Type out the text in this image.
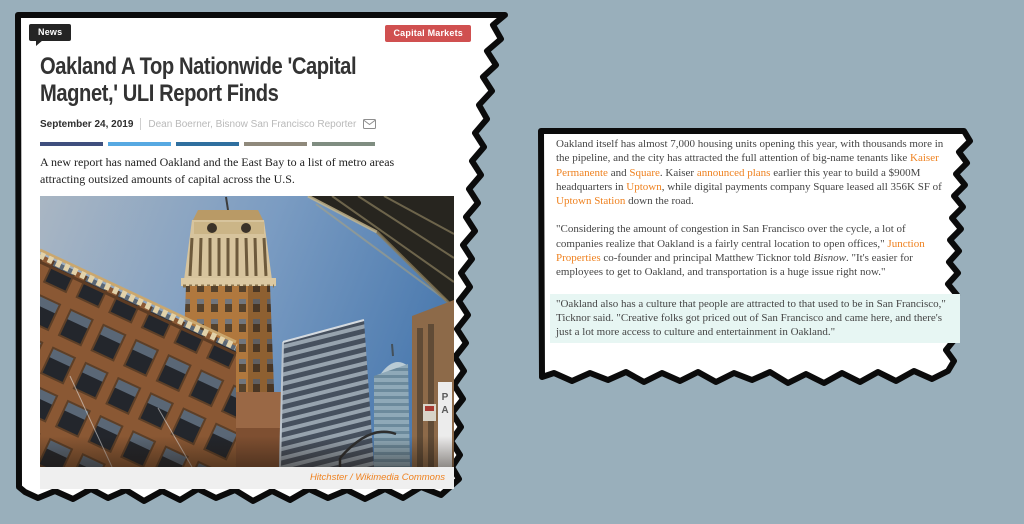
News	Capital Markets
Oakland A Top Nationwide 'Capital Magnet,' ULI Report Finds
September 24, 2019 Dean Boerner, Bisnow San Francisco Reporter

A new report has named Oakland and the East Bay to a list of metro areas attracting outsized amounts of capital across the U.S.

P A
Hitchster / Wikimedia Commons

Oakland itself has almost 7,000 housing units opening this year, with thousands more in the pipeline, and the city has attracted the full attention of big-name tenants like Kaiser Permanente and Square. Kaiser announced plans earlier this year to build a $900M headquarters in Uptown, while digital payments company Square leased all 356K SF of Uptown Station down the road.

"Considering the amount of congestion in San Francisco over the cycle, a lot of companies realize that Oakland is a fairly central location to open offices," Junction Properties co-founder and principal Matthew Ticknor told Bisnow. "It's easier for employees to get to Oakland, and transportation is a huge issue right now."

"Oakland also has a culture that people are attracted to that used to be in San Francisco," Ticknor said. "Creative folks got priced out of San Francisco and came here, and there's just a lot more access to culture and entertainment in Oakland."
